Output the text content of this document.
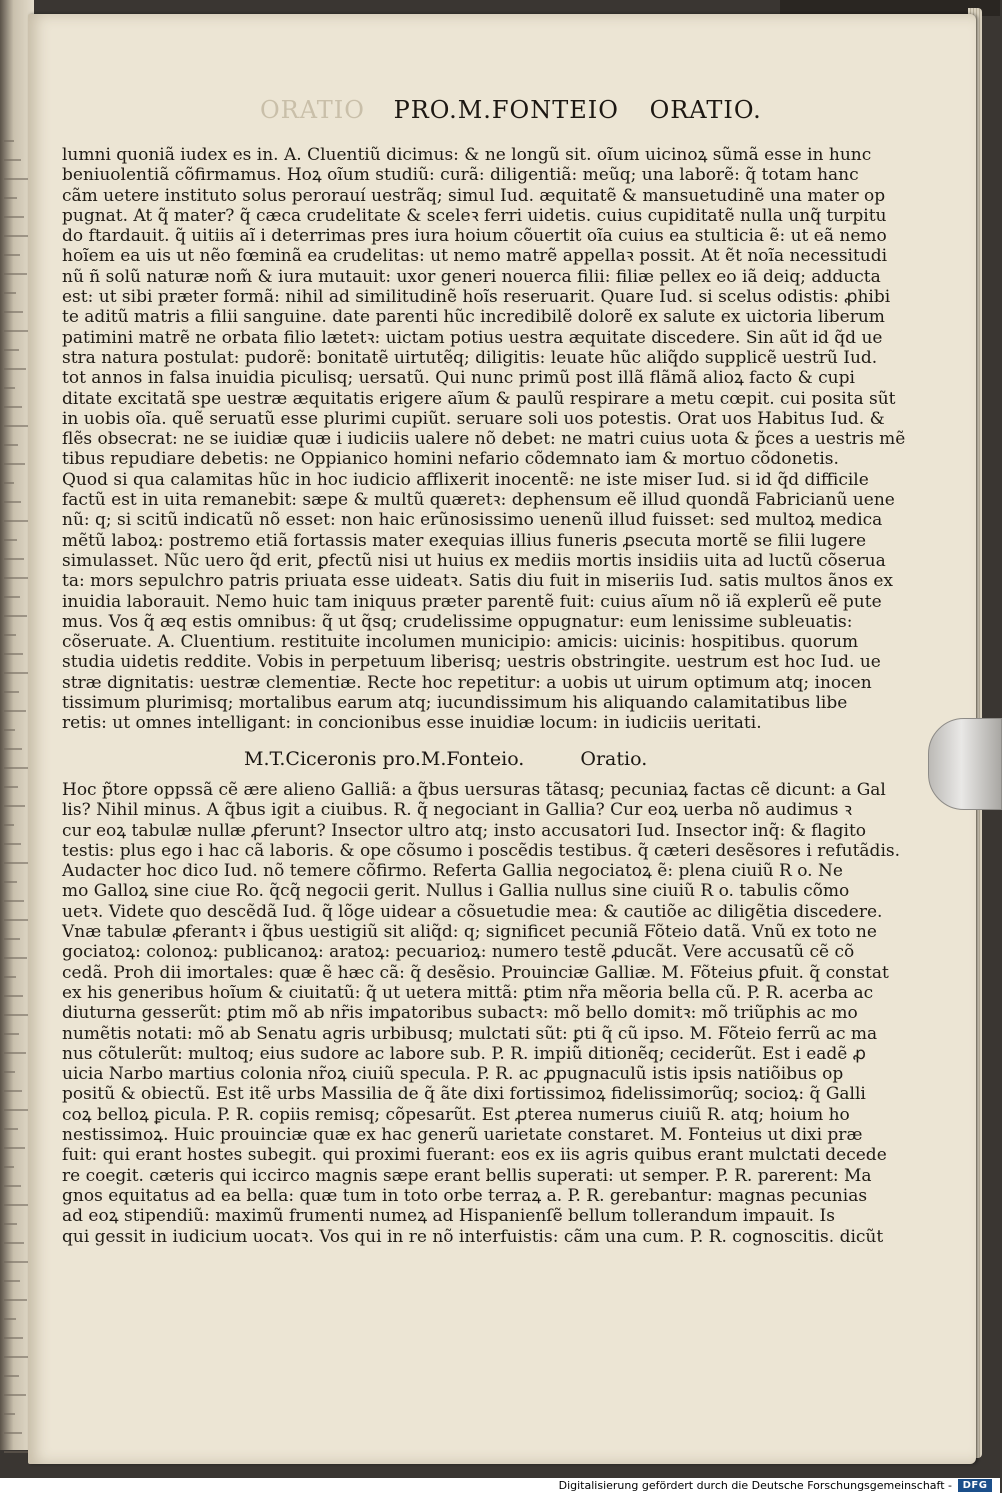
ORATIO PRO.M.FONTEIO ORATIO.
lumni quoniã iudex es in. A. Cluentiũ dicimus: & ne longũ sit. oĩum uicinoꝝ sũmã esse in hunc
beniuolentiã cõfirmamus. Hoꝝ oĩum studiũ: curã: diligentiã: meũq; una laborẽ: q̃ totam hanc
cãm uetere instituto solus perorauí uestrãq; simul Iud. æquitatẽ & mansuetudinẽ una mater op
pugnat. At q̃ mater? q̃ cæca crudelitate & sceleꝛ ferri uidetis. cuius cupiditatẽ nulla unq̃ turpitu
do ftardauit. q̃ uitiis aĩ i deterrimas pres iura hoium cõuertit oĩa cuius ea stulticia ẽ: ut eã nemo
hoĩem ea uis ut nẽo fœminã ea crudelitas: ut nemo matrẽ appellaꝛ possit. At ẽt noĩa necessitudi
nũ ñ solũ naturæ nom̃ & iura mutauit: uxor generi nouerca filii: filiæ pellex eo iã deiq; adducta
est: ut sibi præter formã: nihil ad similitudinẽ hoĩs reseruarit. Quare Iud. si scelus odistis: ꝓhibi
te aditũ matris a filii sanguine. date parenti hũc incredibilẽ dolorẽ ex salute ex uictoria liberum
patimini matrẽ ne orbata filio lætetꝛ: uictam potius uestra æquitate discedere. Sin aũt id q̃d ue
stra natura postulat: pudorẽ: bonitatẽ uirtutẽq; diligitis: leuate hũc aliq̃do supplicẽ uestrũ Iud.
tot annos in falsa inuidia piculisq; uersatũ. Qui nunc primũ post illã flãmã alioꝝ facto & cupi
ditate excitatã spe uestræ æquitatis erigere aĩum & paulũ respirare a metu cœpit. cui posita sũt
in uobis oĩa. quẽ seruatũ esse plurimi cupiũt. seruare soli uos potestis. Orat uos Habitus Iud. &
flẽs obsecrat: ne se iuidiæ quæ i iudiciis ualere nõ debet: ne matri cuius uota & p̃ces a uestris mẽ
tibus repudiare debetis: ne Oppianico homini nefario cõdemnato iam & mortuo cõdonetis.
Quod si qua calamitas hũc in hoc iudicio afflixerit inocentẽ: ne iste miser Iud. si id q̃d difficile
factũ est in uita remanebit: sæpe & multũ quæretꝛ: dephensum eẽ illud quondã Fabricianũ uene
nũ: q; si scitũ indicatũ nõ esset: non haic erũnosissimo uenenũ illud fuisset: sed multoꝝ medica
mẽtũ laboꝝ: postremo etiã fortassis mater exequias illius funeris ꝓsecuta mortẽ se filii lugere
simulasset. Nũc uero q̃d erit, ꝑfectũ nisi ut huius ex mediis mortis insidiis uita ad luctũ cõserua
ta: mors sepulchro patris priuata esse uideatꝛ. Satis diu fuit in miseriis Iud. satis multos ãnos ex
inuidia laborauit. Nemo huic tam iniquus præter parentẽ fuit: cuius aĩum nõ iã explerũ eẽ pute
mus. Vos q̃ æq estis omnibus: q̃ ut q̃sq; crudelissime oppugnatur: eum lenissime subleuatis:
cõseruate. A. Cluentium. restituite incolumen municipio: amicis: uicinis: hospitibus. quorum
studia uidetis reddite. Vobis in perpetuum liberisq; uestris obstringite. uestrum est hoc Iud. ue
stræ dignitatis: uestræ clementiæ. Recte hoc repetitur: a uobis ut uirum optimum atq; inocen
tissimum plurimisq; mortalibus earum atq; iucundissimum his aliquando calamitatibus libe
retis: ut omnes intelligant: in concionibus esse inuidiæ locum: in iudiciis ueritati.
M.T.Ciceronis pro.M.Fonteio.	Oratio.
Hoc p̃tore oppssã cẽ ære alieno Galliã: a q̃bus uersuras tãtasq; pecuniaꝝ factas cẽ dicunt: a Gal
lis? Nihil minus. A q̃bus igit a ciuibus. R. q̃ negociant in Gallia? Cur eoꝝ uerba nõ audimus ꝛ
cur eoꝝ tabulæ nullæ ꝓferunt? Insector ultro atq; insto accusatori Iud. Insector inq̃: & flagito
testis: plus ego i hac cã laboris. & ope cõsumo i poscẽdis testibus. q̃ cæteri desẽsores i refutãdis.
Audacter hoc dico Iud. nõ temere cõfirmo. Referta Gallia negociatoꝝ ẽ: plena ciuiũ R o. Ne
mo Galloꝝ sine ciue Ro. q̃cq̃ negocii gerit. Nullus i Gallia nullus sine ciuiũ R o. tabulis cõmo
uetꝛ. Videte quo descẽdã Iud. q̃ lõge uidear a cõsuetudie mea: & cautiõe ac diligẽtia discedere.
Vnæ tabulæ ꝓferantꝛ i q̃bus uestigiũ sit aliq̃d: q; significet pecuniã Fõteio datã. Vnũ ex toto ne
gociatoꝝ: colonoꝝ: publicanoꝝ: aratoꝝ: pecuarioꝝ: numero testẽ ꝓducãt. Vere accusatũ cẽ cõ
cedã. Proh dii imortales: quæ ẽ hæc cã: q̃ desẽsio. Prouinciæ Galliæ. M. Fõteius ꝑfuit. q̃ constat
ex his generibus hoĩum & ciuitatũ: q̃ ut uetera mittã: ꝑtim nr̃a mẽoria bella cũ. P. R. acerba ac
diuturna gesserũt: ꝑtim mõ ab nr̃is imꝑatoribus subactꝛ: mõ bello domitꝛ: mõ triũphis ac mo
numẽtis notati: mõ ab Senatu agris urbibusq; mulctati sũt: ꝑti q̃ cũ ipso. M. Fõteio ferrũ ac ma
nus cõtulerũt: multoq; eius sudore ac labore sub. P. R. impiũ ditionẽq; ceciderũt. Est i eadẽ ꝓ
uicia Narbo martius colonia nr̃oꝝ ciuiũ specula. P. R. ac ꝓpugnaculũ istis ipsis natiõibus op
positũ & obiectũ. Est itẽ urbs Massilia de q̃ ãte dixi fortissimoꝝ fidelissimorũq; socioꝝ: q̃ Galli
coꝝ belloꝝ ꝑicula. P. R. copiis remisq; cõpesarũt. Est ꝓterea numerus ciuiũ R. atq; hoium ho
nestissimoꝝ. Huic prouinciæ quæ ex hac generũ uarietate constaret. M. Fonteius ut dixi præ
fuit: qui erant hostes subegit. qui proximi fuerant: eos ex iis agris quibus erant mulctati decede
re coegit. cæteris qui iccirco magnis sæpe erant bellis superati: ut semper. P. R. parerent: Ma
gnos equitatus ad ea bella: quæ tum in toto orbe terraꝝ a. P. R. gerebantur: magnas pecunias
ad eoꝝ stipendiũ: maximũ frumenti numeꝝ ad Hispanienſẽ bellum tollerandum impauit. Is
qui gessit in iudicium uocatꝛ. Vos qui in re nõ interfuistis: cãm una cum. P. R. cognoscitis. dicũt
Digitalisierung gefördert durch die Deutsche Forschungsgemeinschaft -	DFG
